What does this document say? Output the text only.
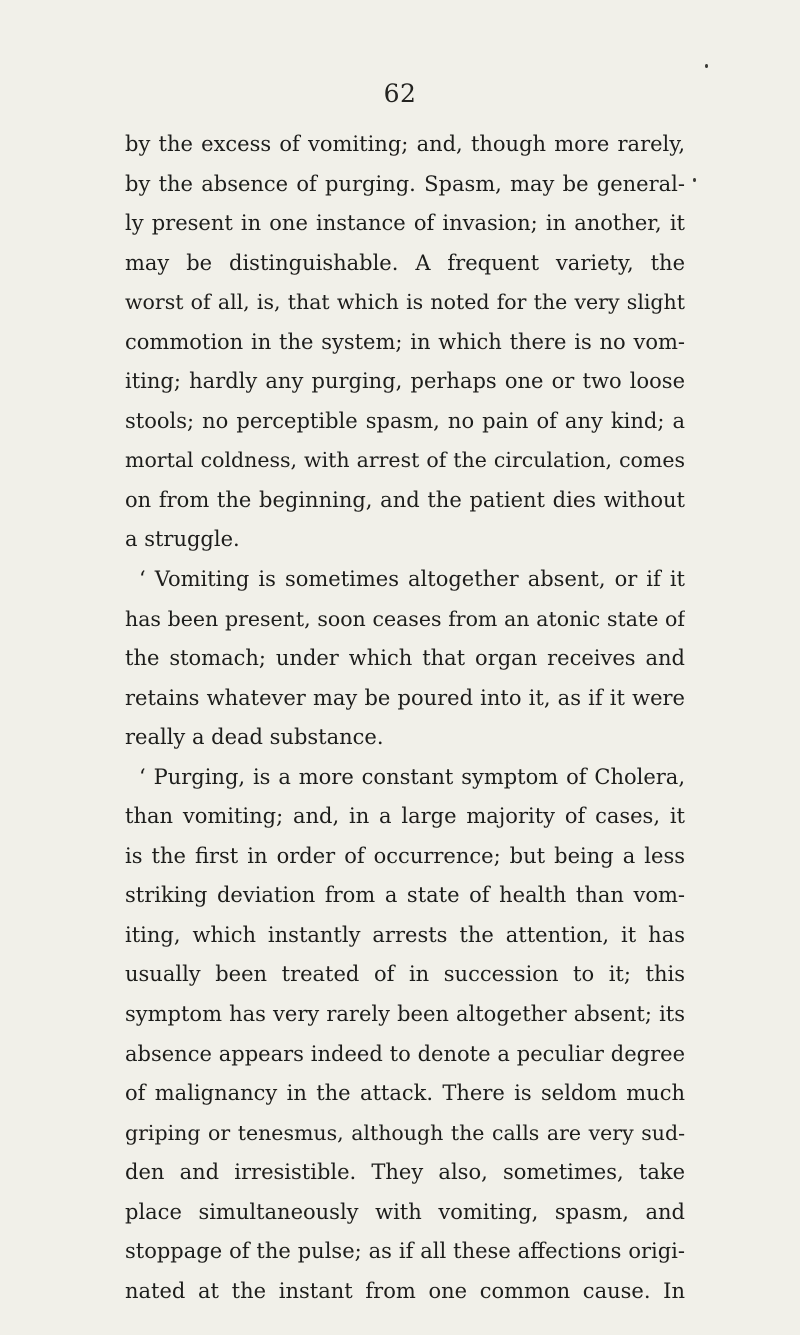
62
by the excess of vomiting; and, though more rarely,
by the absence of purging. Spasm, may be general-
ly present in one instance of invasion; in another, it
may be distinguishable. A frequent variety, the
worst of all, is, that which is noted for the very slight
commotion in the system; in which there is no vom-
iting; hardly any purging, perhaps one or two loose
stools; no perceptible spasm, no pain of any kind; a
mortal coldness, with arrest of the circulation, comes
on from the beginning, and the patient dies without
a struggle.
‘ Vomiting is sometimes altogether absent, or if it
has been present, soon ceases from an atonic state of
the stomach; under which that organ receives and
retains whatever may be poured into it, as if it were
really a dead substance.
‘ Purging, is a more constant symptom of Cholera,
than vomiting; and, in a large majority of cases, it
is the first in order of occurrence; but being a less
striking deviation from a state of health than vom-
iting, which instantly arrests the attention, it has
usually been treated of in succession to it; this
symptom has very rarely been altogether absent; its
absence appears indeed to denote a peculiar degree
of malignancy in the attack. There is seldom much
griping or tenesmus, although the calls are very sud-
den and irresistible. They also, sometimes, take
place simultaneously with vomiting, spasm, and
stoppage of the pulse; as if all these affections origi-
nated at the instant from one common cause. In
